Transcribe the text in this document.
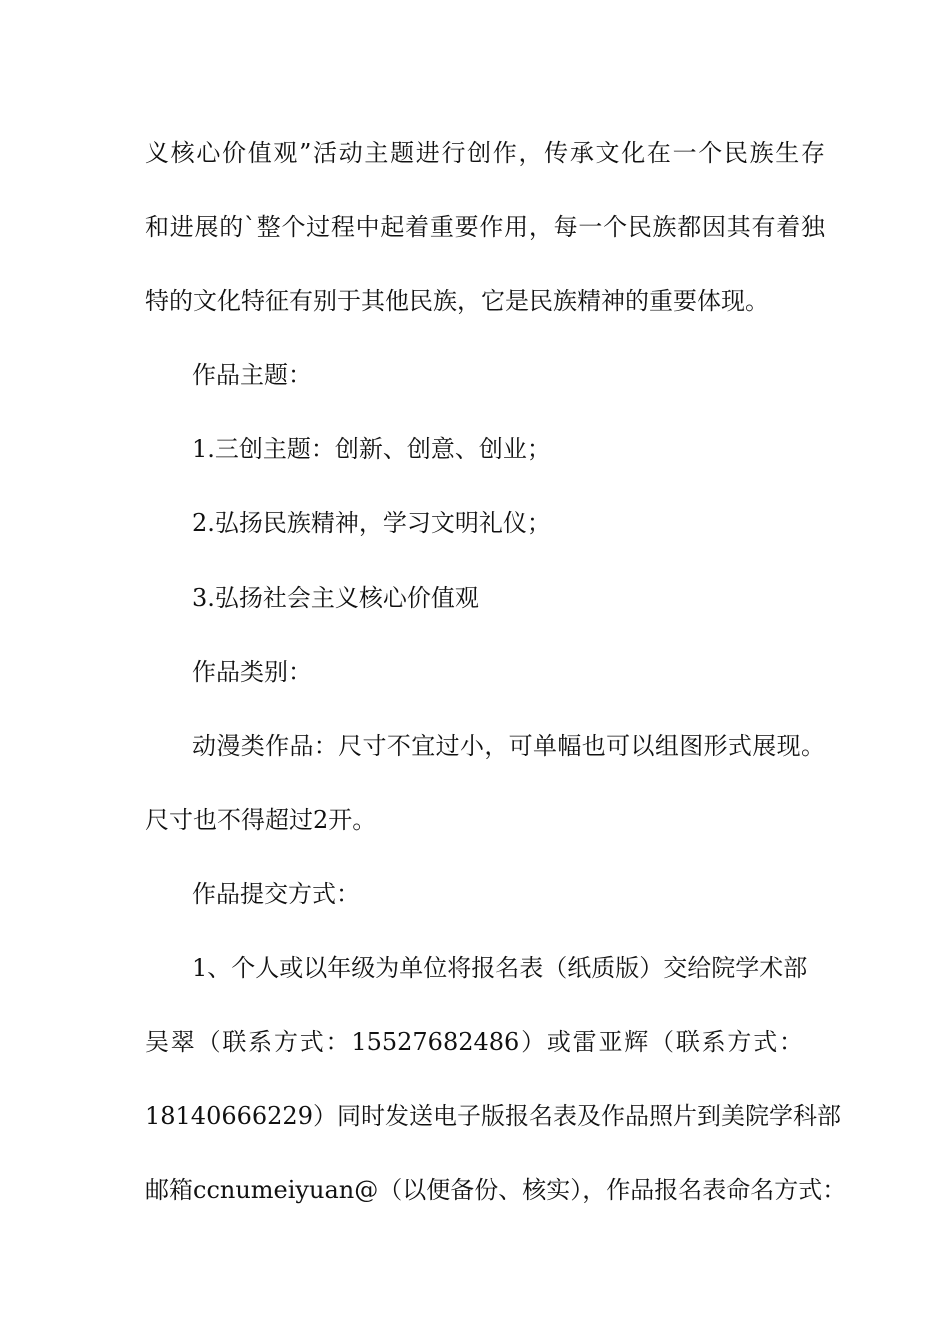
义核心价值观”活动主题进行创作，传承文化在一个民族生存
和进展的`整个过程中起着重要作用，每一个民族都因其有着独
特的文化特征有别于其他民族，它是民族精神的重要体现。
作品主题：
1.三创主题：创新、创意、创业；
2.弘扬民族精神，学习文明礼仪；
3.弘扬社会主义核心价值观
作品类别：
动漫类作品：尺寸不宜过小，可单幅也可以组图形式展现。
尺寸也不得超过2开。
作品提交方式：
1、个人或以年级为单位将报名表（纸质版）交给院学术部
吴翠（联系方式：15527682486）或雷亚辉（联系方式：
18140666229）同时发送电子版报名表及作品照片到美院学科部
邮箱ccnumeiyuan@（以便备份、核实），作品报名表命名方式：
